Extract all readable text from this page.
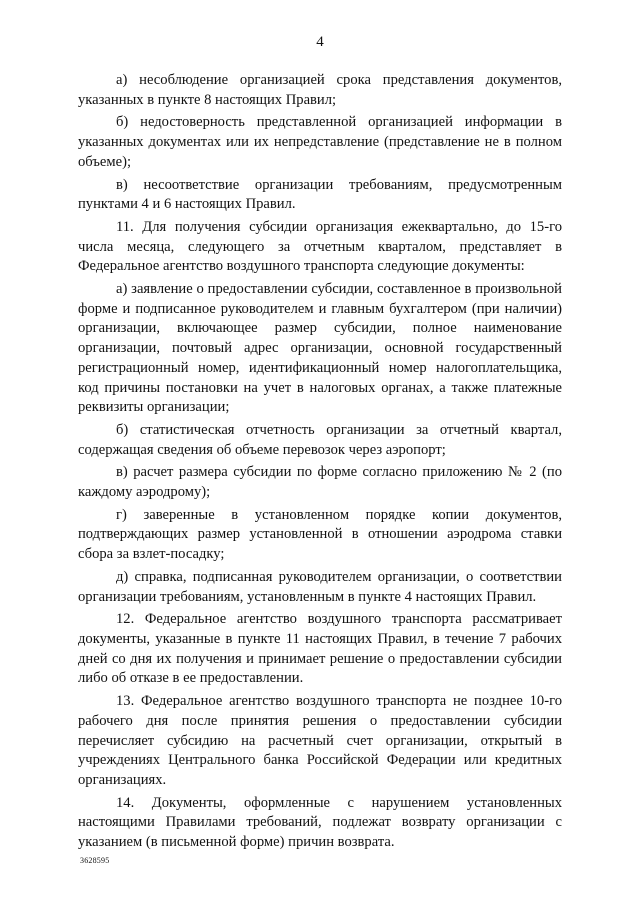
4

а) несоблюдение организацией срока представления документов, указанных в пункте 8 настоящих Правил;

б) недостоверность представленной организацией информации в указанных документах или их непредставление (представление не в полном объеме);

в) несоответствие организации требованиям, предусмотренным пунктами 4 и 6 настоящих Правил.

11. Для получения субсидии организация ежеквартально, до 15-го числа месяца, следующего за отчетным кварталом, представляет в Федеральное агентство воздушного транспорта следующие документы:

а) заявление о предоставлении субсидии, составленное в произвольной форме и подписанное руководителем и главным бухгалтером (при наличии) организации, включающее размер субсидии, полное наименование организации, почтовый адрес организации, основной государственный регистрационный номер, идентификационный номер налогоплательщика, код причины постановки на учет в налоговых органах, а также платежные реквизиты организации;

б) статистическая отчетность организации за отчетный квартал, содержащая сведения об объеме перевозок через аэропорт;

в) расчет размера субсидии по форме согласно приложению № 2 (по каждому аэродрому);

г) заверенные в установленном порядке копии документов, подтверждающих размер установленной в отношении аэродрома ставки сбора за взлет-посадку;

д) справка, подписанная руководителем организации, о соответствии организации требованиям, установленным в пункте 4 настоящих Правил.

12. Федеральное агентство воздушного транспорта рассматривает документы, указанные в пункте 11 настоящих Правил, в течение 7 рабочих дней со дня их получения и принимает решение о предоставлении субсидии либо об отказе в ее предоставлении.

13. Федеральное агентство воздушного транспорта не позднее 10-го рабочего дня после принятия решения о предоставлении субсидии перечисляет субсидию на расчетный счет организации, открытый в учреждениях Центрального банка Российской Федерации или кредитных организациях.

14. Документы, оформленные с нарушением установленных настоящими Правилами требований, подлежат возврату организации с указанием (в письменной форме) причин возврата.

3628595
